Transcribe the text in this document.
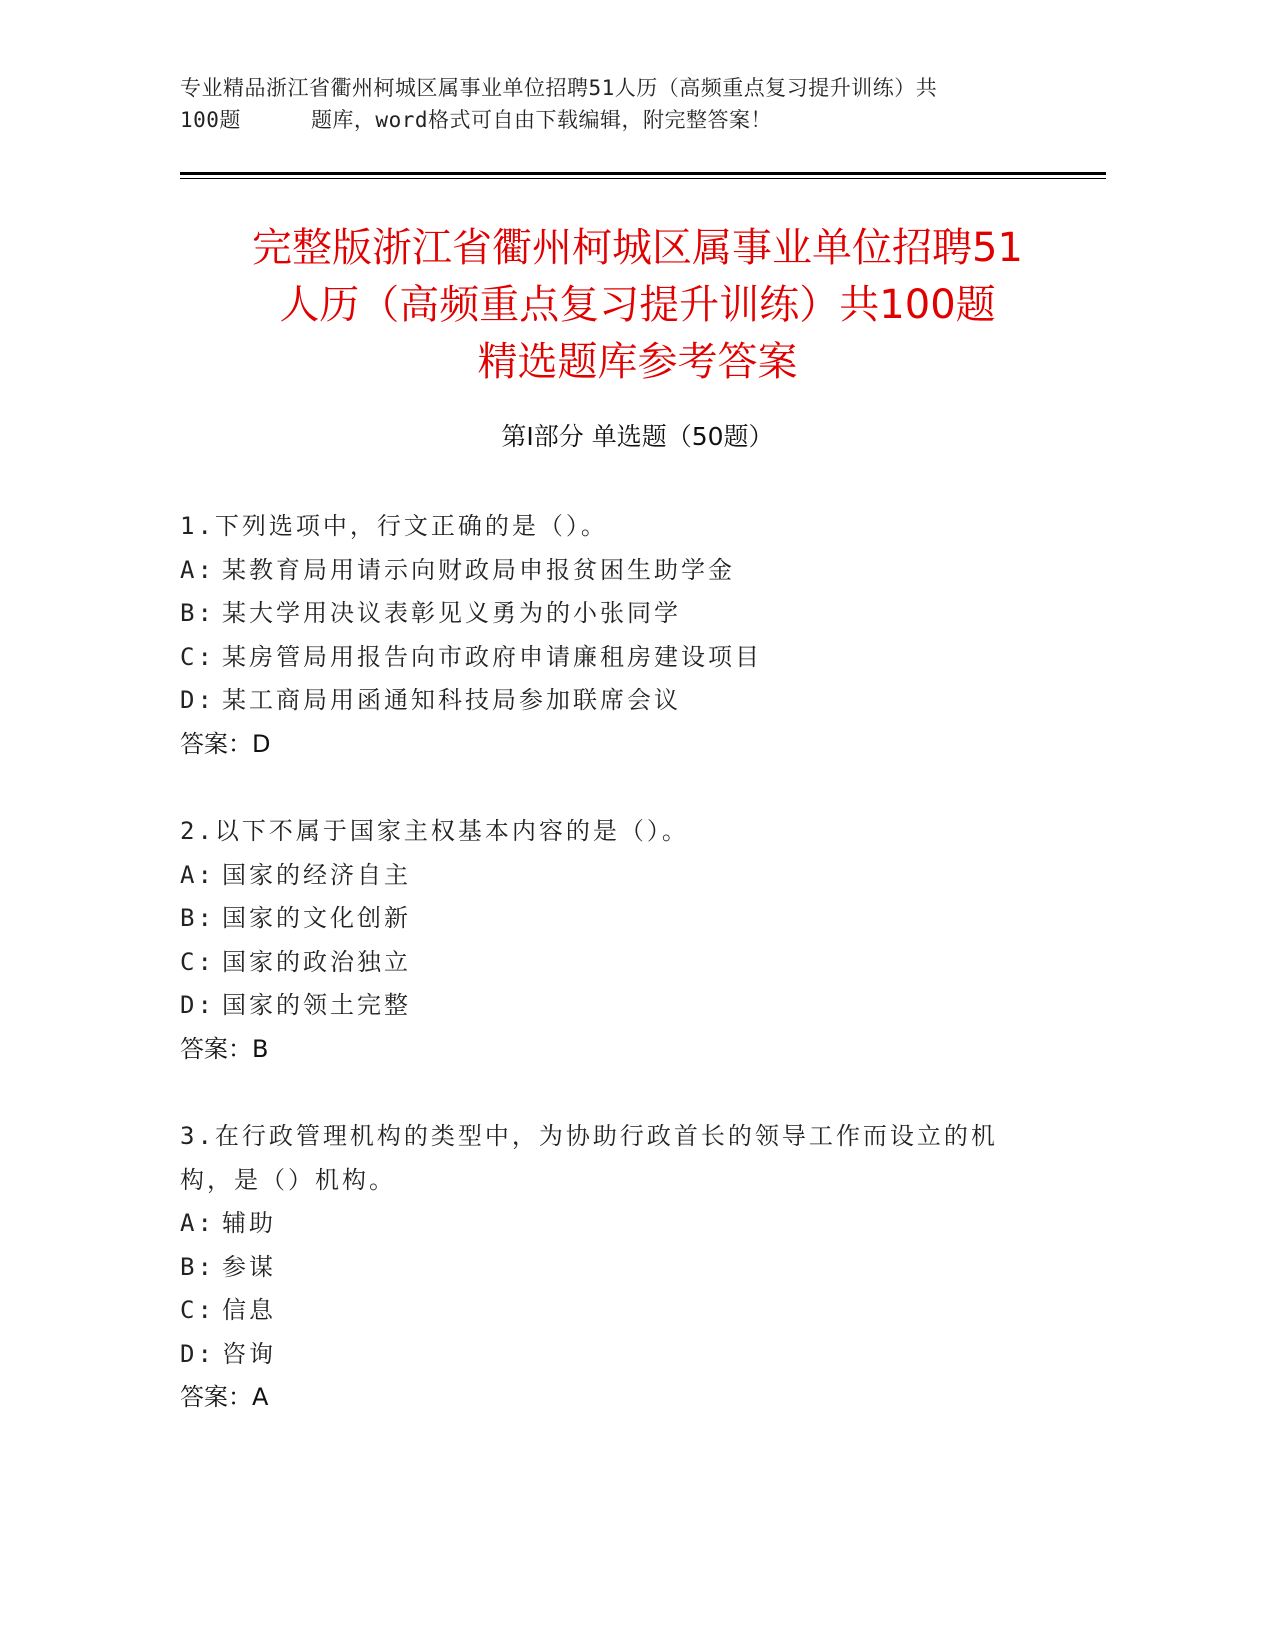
专业精品浙江省衢州柯城区属事业单位招聘51人历（高频重点复习提升训练）共
100题	题库，word格式可自由下载编辑，附完整答案！
完整版浙江省衢州柯城区属事业单位招聘51
人历（高频重点复习提升训练）共100题
精选题库参考答案
第Ⅰ部分 单选题（50题）
1.下列选项中，行文正确的是（）。
A: 某教育局用请示向财政局申报贫困生助学金
B: 某大学用决议表彰见义勇为的小张同学
C: 某房管局用报告向市政府申请廉租房建设项目
D: 某工商局用函通知科技局参加联席会议
答案：D
2.以下不属于国家主权基本内容的是（）。
A: 国家的经济自主
B: 国家的文化创新
C: 国家的政治独立
D: 国家的领土完整
答案：B
3.在行政管理机构的类型中，为协助行政首长的领导工作而设立的机
构，是（）机构。
A: 辅助
B: 参谋
C: 信息
D: 咨询
答案：A
